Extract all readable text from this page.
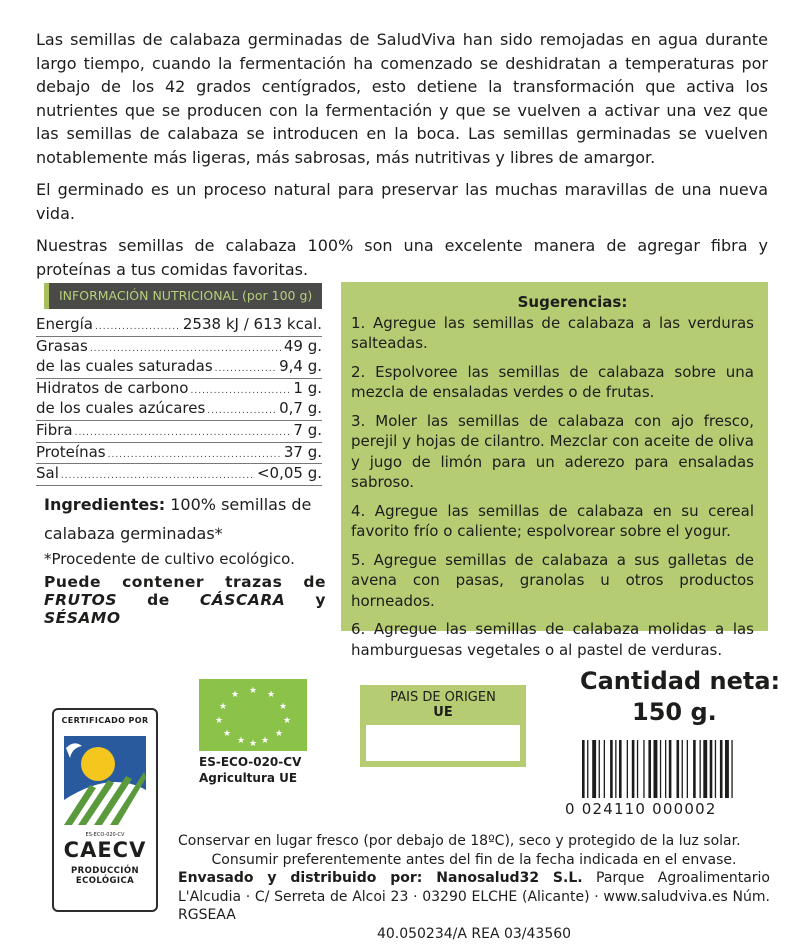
Las semillas de calabaza germinadas de SaludViva han sido remojadas en agua durante largo tiempo, cuando la fermentación ha comenzado se deshidratan a temperaturas por debajo de los 42 grados centígrados, esto detiene la transformación que activa los nutrientes que se producen con la fermentación y que se vuelven a activar una vez que las semillas de calabaza se introducen en la boca. Las semillas germinadas se vuelven notablemente más ligeras, más sabrosas, más nutritivas y libres de amargor.

El germinado es un proceso natural para preservar las muchas maravillas de una nueva vida.

Nuestras semillas de calabaza 100% son una excelente manera de agregar fibra y proteínas a tus comidas favoritas.

INFORMACIÓN NUTRICIONAL (por 100 g)
Energía .....	2538 kJ / 613 kcal.
Grasas .....	49 g.
de las cuales saturadas .....	9,4 g.
Hidratos de carbono .....	1 g.
de los cuales azúcares .....	0,7 g.
Fibra .....	7 g.
Proteínas .....	37 g.
Sal .....	<0,05 g.
Ingredientes: 100% semillas de calabaza germinadas*
*Procedente de cultivo ecológico.
Puede contener trazas de FRUTOS de CÁSCARA y SÉSAMO
Sugerencias:
1. Agregue las semillas de calabaza a las verduras salteadas.
2. Espolvoree las semillas de calabaza sobre una mezcla de ensaladas verdes o de frutas.
3. Moler las semillas de calabaza con ajo fresco, perejil y hojas de cilantro. Mezclar con aceite de oliva y jugo de limón para un aderezo para ensaladas sabroso.
4. Agregue las semillas de calabaza en su cereal favorito frío o caliente; espolvorear sobre el yogur.
5. Agregue semillas de calabaza a sus galletas de avena con pasas, granolas u otros productos horneados.
6. Agregue las semillas de calabaza molidas a las hamburguesas vegetales o al pastel de verduras.
CERTIFICADO POR
ES-ECO-020-CV
CAECV
PRODUCCIÓN
ECOLÓGICA
★ ★
★
★
★
★
★
★
★
★
★ ★
ES-ECO-020-CV
Agricultura UE
PAIS DE ORIGEN
UE
Cantidad neta:
150 g.
0 024110 000002
Conservar en lugar fresco (por debajo de 18ºC), seco y protegido de la luz solar.
Consumir preferentemente antes del fin de la fecha indicada en el envase.
Envasado y distribuido por: Nanosalud32 S.L. Parque Agroalimentario L'Alcudia · C/ Serreta de Alcoi 23 · 03290 ELCHE (Alicante) · www.saludviva.es Núm. RGSEAA
40.050234/A REA 03/43560
